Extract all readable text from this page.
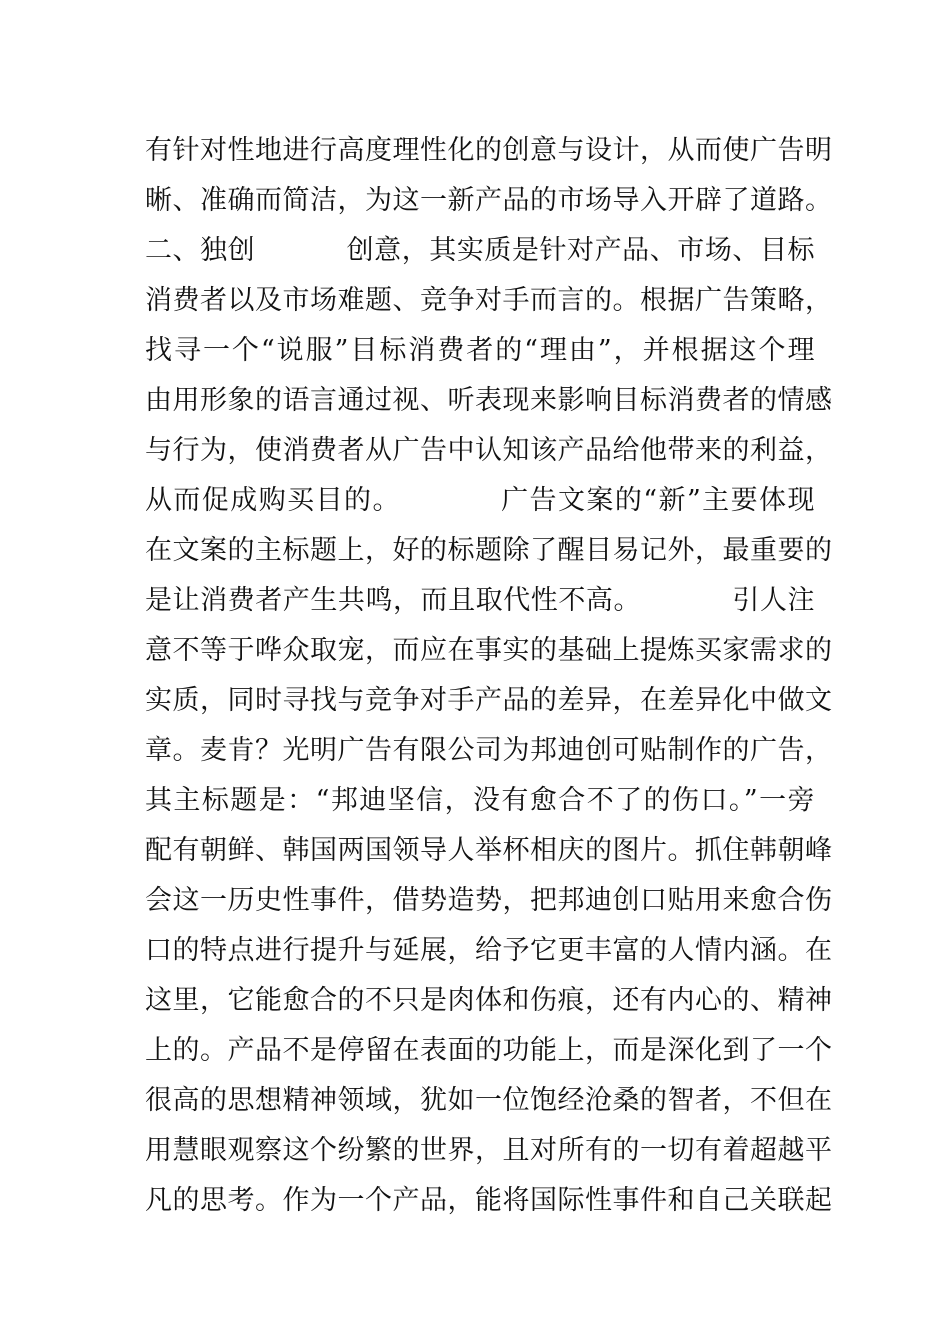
有针对性地进行高度理性化的创意与设计，从而使广告明
晰、准确而简洁，为这一新产品的市场导入开辟了道路。
二、独创          创意，其实质是针对产品、市场、目标
消费者以及市场难题、竞争对手而言的。根据广告策略，
找寻一个“说服”目标消费者的“理由”，并根据这个理
由用形象的语言通过视、听表现来影响目标消费者的情感
与行为，使消费者从广告中认知该产品给他带来的利益，
从而促成购买目的。          广告文案的“新”主要体现
在文案的主标题上，好的标题除了醒目易记外，最重要的
是让消费者产生共鸣，而且取代性不高。          引人注
意不等于哗众取宠，而应在事实的基础上提炼买家需求的
实质，同时寻找与竞争对手产品的差异，在差异化中做文
章。麦肯？光明广告有限公司为邦迪创可贴制作的广告，
其主标题是：“邦迪坚信，没有愈合不了的伤口。”一旁
配有朝鲜、韩国两国领导人举杯相庆的图片。抓住韩朝峰
会这一历史性事件，借势造势，把邦迪创口贴用来愈合伤
口的特点进行提升与延展，给予它更丰富的人情内涵。在
这里，它能愈合的不只是肉体和伤痕，还有内心的、精神
上的。产品不是停留在表面的功能上，而是深化到了一个
很高的思想精神领域，犹如一位饱经沧桑的智者，不但在
用慧眼观察这个纷繁的世界，且对所有的一切有着超越平
凡的思考。作为一个产品，能将国际性事件和自己关联起
